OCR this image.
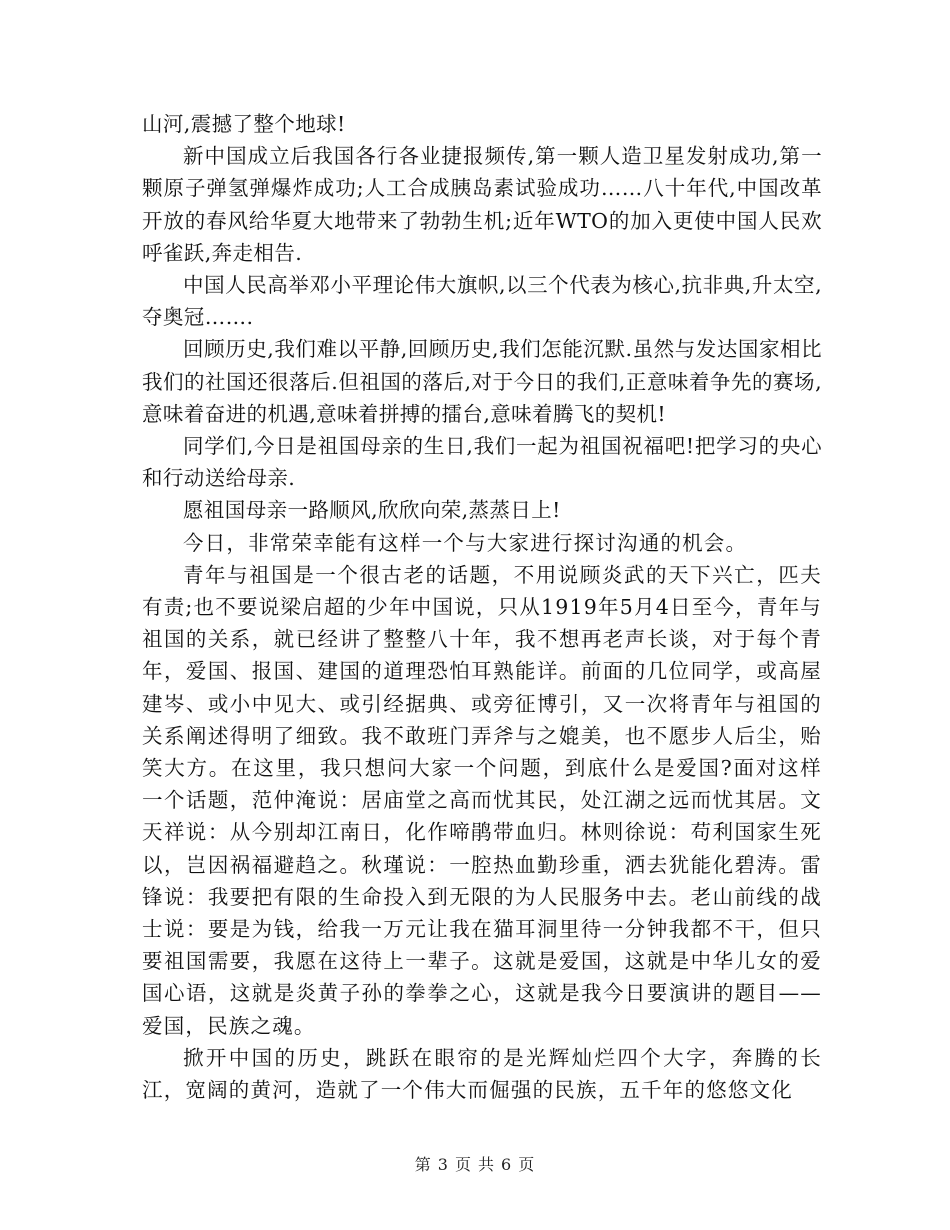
山河,震撼了整个地球!

新中国成立后我国各行各业捷报频传,第一颗人造卫星发射成功,第一颗原子弹氢弹爆炸成功;人工合成胰岛素试验成功……八十年代,中国改革开放的春风给华夏大地带来了勃勃生机;近年WTO的加入更使中国人民欢呼雀跃,奔走相告.

中国人民高举邓小平理论伟大旗帜,以三个代表为核心,抗非典,升太空,夺奥冠…….

回顾历史,我们难以平静,回顾历史,我们怎能沉默.虽然与发达国家相比我们的社国还很落后.但祖国的落后,对于今日的我们,正意味着争先的赛场,意味着奋进的机遇,意味着拼搏的擂台,意味着腾飞的契机!

同学们,今日是祖国母亲的生日,我们一起为祖国祝福吧!把学习的央心和行动送给母亲.

愿祖国母亲一路顺风,欣欣向荣,蒸蒸日上!

今日，非常荣幸能有这样一个与大家进行探讨沟通的机会。

青年与祖国是一个很古老的话题，不用说顾炎武的天下兴亡，匹夫有责;也不要说梁启超的少年中国说，只从1919年5月4日至今，青年与祖国的关系，就已经讲了整整八十年，我不想再老声长谈，对于每个青年，爱国、报国、建国的道理恐怕耳熟能详。前面的几位同学，或高屋建岑、或小中见大、或引经据典、或旁征博引，又一次将青年与祖国的关系阐述得明了细致。我不敢班门弄斧与之媲美，也不愿步人后尘，贻笑大方。在这里，我只想问大家一个问题，到底什么是爱国?面对这样一个话题，范仲淹说：居庙堂之高而忧其民，处江湖之远而忧其居。文天祥说：从今别却江南日，化作啼鹃带血归。林则徐说：苟利国家生死以，岂因祸福避趋之。秋瑾说：一腔热血勤珍重，洒去犹能化碧涛。雷锋说：我要把有限的生命投入到无限的为人民服务中去。老山前线的战士说：要是为钱，给我一万元让我在猫耳洞里待一分钟我都不干，但只要祖国需要，我愿在这待上一辈子。这就是爱国，这就是中华儿女的爱国心语，这就是炎黄子孙的拳拳之心，这就是我今日要演讲的题目——爱国，民族之魂。

掀开中国的历史，跳跃在眼帘的是光辉灿烂四个大字，奔腾的长江，宽阔的黄河，造就了一个伟大而倔强的民族，五千年的悠悠文化

第 3 页 共 6 页
